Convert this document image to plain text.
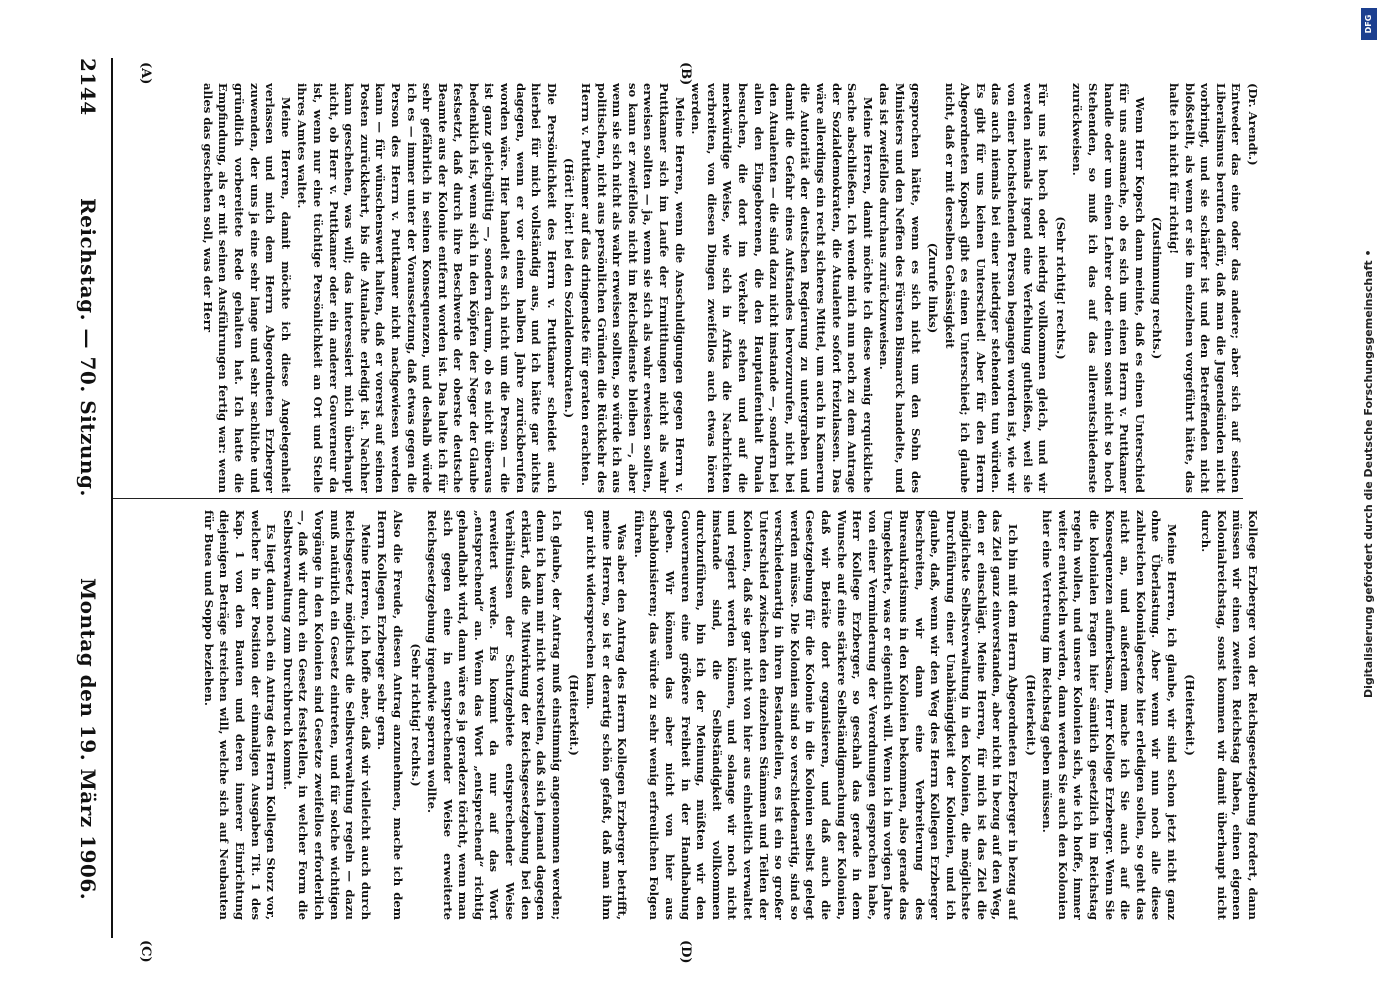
2144
Reichstag. — 70. Sitzung.
Montag den 19. März 1906.
(A)	(B)
(C)	(D)

(Dr. Arendt.)

Entweder das eine oder das andere; aber sich auf seinen Liberalismus berufen dafür, daß man die Jugendsünden nicht vorbringt, und sie schärfer ist und den Betreffenden nicht bloßstellt, als wenn er sie im einzelnen vorgeführt hätte, das halte ich nicht für richtig!

(Zustimmung rechts.)

Wenn Herr Kopsch dann meinte, daß es einen Unterschied für uns ausmache, ob es sich um einen Herrn v. Puttkamer handle oder um einen Lehrer oder einen sonst nicht so hoch Stehenden, so muß ich das auf das allerentschiedenste zurückweisen.

(Sehr richtig! rechts.)

Für uns ist hoch oder niedrig vollkommen gleich, und wir werden niemals irgend eine Verfehlung gutheißen, weil sie von einer hochstehenden Person begangen worden ist, wie wir das auch niemals bei einer niedriger stehenden tun würden. Es gibt für uns keinen Unterschied! Aber für den Herrn Abgeordneten Kopsch gibt es einen Unterschied; ich glaube nicht, daß er mit derselben Gehässigkeit

(Zurufe links)

gesprochen hätte, wenn es sich nicht um den Sohn des Ministers und den Neffen des Fürsten Bismarck handelte, und das ist zweifellos durchaus zurückzuweisen.

Meine Herren, damit möchte ich diese wenig erquickliche Sache abschließen. Ich wende mich nun noch zu dem Antrage der Sozialdemokraten, die Atualente sofort freizulassen. Das wäre allerdings ein recht sicheres Mittel, um auch in Kamerun die Autorität der deutschen Regierung zu untergraben und damit die Gefahr eines Aufstandes hervorzurufen, nicht bei den Atualenten — die sind dazu nicht imstande —, sondern bei allen den Eingeborenen, die den Hauptaufenthalt Duala besuchen, die dort im Verkehr stehen und auf die merkwürdige Weise, wie sich in Afrika die Nachrichten verbreiten, von diesen Dingen zweifellos auch etwas hören werden.

Meine Herren, wenn die Anschuldigungen gegen Herrn v. Puttkamer sich im Laufe der Ermittlungen nicht als wahr erweisen sollten — ja, wenn sie sich als wahr erweisen sollten, so kann er zweifellos nicht im Reichsdienste bleiben —, aber wenn sie sich nicht als wahr erweisen sollten, so würde ich aus politischen, nicht aus persönlichen Gründen die Rückkehr des Herrn v. Puttkamer auf das dringendste für geraten erachten.

(Hört! hört! bei den Sozialdemokraten.)

Die Persönlichkeit des Herrn v. Puttkamer scheidet auch hierbei für mich vollständig aus, und ich hätte gar nichts dagegen, wenn er vor einem halben Jahre zurückberufen worden wäre. Hier handelt es sich nicht um die Person — die ist ganz gleichgültig —, sondern darum, ob es nicht überaus bedenklich ist, wenn sich in den Köpfen der Neger der Glaube festsetzt, daß durch ihre Beschwerde der oberste deutsche Beamte aus der Kolonie entfernt worden ist. Das halte ich für sehr gefährlich in seinen Konsequenzen, und deshalb würde ich es — immer unter der Voraussetzung, daß etwas gegen die Person des Herrn v. Puttkamer nicht nachgewiesen werden kann — für wünschenswert halten, daß er vorerst auf seinen Posten zurückkehrt, bis die Atualache erledigt ist. Nachher kann geschehen, was will; das interessiert mich überhaupt nicht, ob Herr v. Puttkamer oder ein anderer Gouverneur da ist, wenn nur eine tüchtige Persönlichkeit an Ort und Stelle ihres Amtes waltet.

Meine Herren, damit möchte ich diese Angelegenheit verlassen und mich dem Herrn Abgeordneten Erzberger zuwenden, der uns ja eine sehr lange und sehr sachliche und gründlich vorbereitete Rede gehalten hat. Ich hatte die Empfindung, als er mit seinen Ausführungen fertig war: wenn alles das geschehen soll, was der Herr

Kollege Erzberger von der Reichsgesetzgebung fordert, dann müssen wir einen zweiten Reichstag haben, einen eigenen Kolonialreichstag, sonst kommen wir damit überhaupt nicht durch.

(Heiterkeit.)

Meine Herren, ich glaube, wir sind schon jetzt nicht ganz ohne Überlastung. Aber wenn wir nun noch alle diese zahlreichen Kolonialgesetze hier erledigen sollen, so geht das nicht an, und außerdem mache ich Sie auch auf die Konsequenzen aufmerksam, Herr Kollege Erzberger. Wenn Sie die kolonialen Fragen hier sämtlich gesetzlich im Reichstag regeln wollen, und unsere Kolonien sich, wie ich hoffe, immer weiter entwickeln werden, dann werden Sie auch den Kolonien hier eine Vertretung im Reichstag geben müssen.

(Heiterkeit.)

Ich bin mit dem Herrn Abgeordneten Erzberger in bezug auf das Ziel ganz einverstanden, aber nicht in bezug auf den Weg, den er einschlägt. Meine Herren, für mich ist das Ziel die möglichste Selbstverwaltung in den Kolonien, die möglichste Durchführung einer Unabhängigkeit der Kolonien, und ich glaube, daß, wenn wir den Weg des Herrn Kollegen Erzberger beschreiten, wir dann eine Verbreiterung des Bureaukratismus in den Kolonien bekommen, also gerade das Umgekehrte, was er eigentlich will. Wenn ich im vorigen Jahre von einer Verminderung der Verordnungen gesprochen habe, Herr Kollege Erzberger, so geschah das gerade in dem Wunsche auf eine stärkere Selbständigmachung der Kolonien, daß wir Beiräte dort organisieren, und daß auch die Gesetzgebung für die Kolonie in die Kolonien selbst gelegt werden müsse. Die Kolonien sind so verschiedenartig, sind so verschiedenartig in ihren Bestandteilen, es ist ein so großer Unterschied zwischen den einzelnen Stämmen und Teilen der Kolonien, daß sie gar nicht von hier aus einheitlich verwaltet und regiert werden können, und solange wir noch nicht imstande sind, die Selbständigkeit vollkommen durchzuführen, bin ich der Meinung, müßten wir den Gouverneuren eine größere Freiheit in der Handhabung geben. Wir können das aber nicht von hier aus schablonisieren; das würde zu sehr wenig erfreulichen Folgen führen.

Was aber den Antrag des Herrn Kollegen Erzberger betrifft, meine Herren, so ist er derartig schön gefaßt, daß man ihm gar nicht widersprechen kann.

(Heiterkeit.)

Ich glaube, der Antrag muß einstimmig angenommen werden; denn ich kann mir nicht vorstellen, daß sich jemand dagegen erklärt, daß die Mitwirkung der Reichsgesetzgebung bei den Verhältnissen der Schutzgebiete entsprechender Weise erweitert werde. Es kommt da nur auf das Wort „entsprechend“ an. Wenn das Wort „entsprechend“ richtig gehandhabt wird, dann wäre es ja geradezu töricht, wenn man sich gegen eine in entsprechender Weise erweiterte Reichsgesetzgebung irgendwie sperren wollte.

(Sehr richtig! rechts.)

Also die Freude, diesen Antrag anzunehmen, mache ich dem Herrn Kollegen Erzberger sehr gern.

Meine Herren, ich hoffe aber, daß wir vielleicht auch durch Reichsgesetz möglichst die Selbstverwaltung regeln — dazu muß natürlich ein Gesetz eintreten, und für solche wichtigen Vorgänge in den Kolonien sind Gesetze zweifellos erforderlich —, daß wir durch ein Gesetz feststellen, in welcher Form die Selbstverwaltung zum Durchbruch kommt.

Es liegt dann noch ein Antrag des Herrn Kollegen Storz vor, welcher in der Position der einmaligen Ausgaben Tit. 1 des Kap. 1 von den Bauten und deren innerer Einrichtung diejenigen Beträge streichen will, welche sich auf Neubauten für Buea und Soppo beziehen.

DFG
Digitalisierung gefördert durch die Deutsche Forschungsgemeinschaft •
